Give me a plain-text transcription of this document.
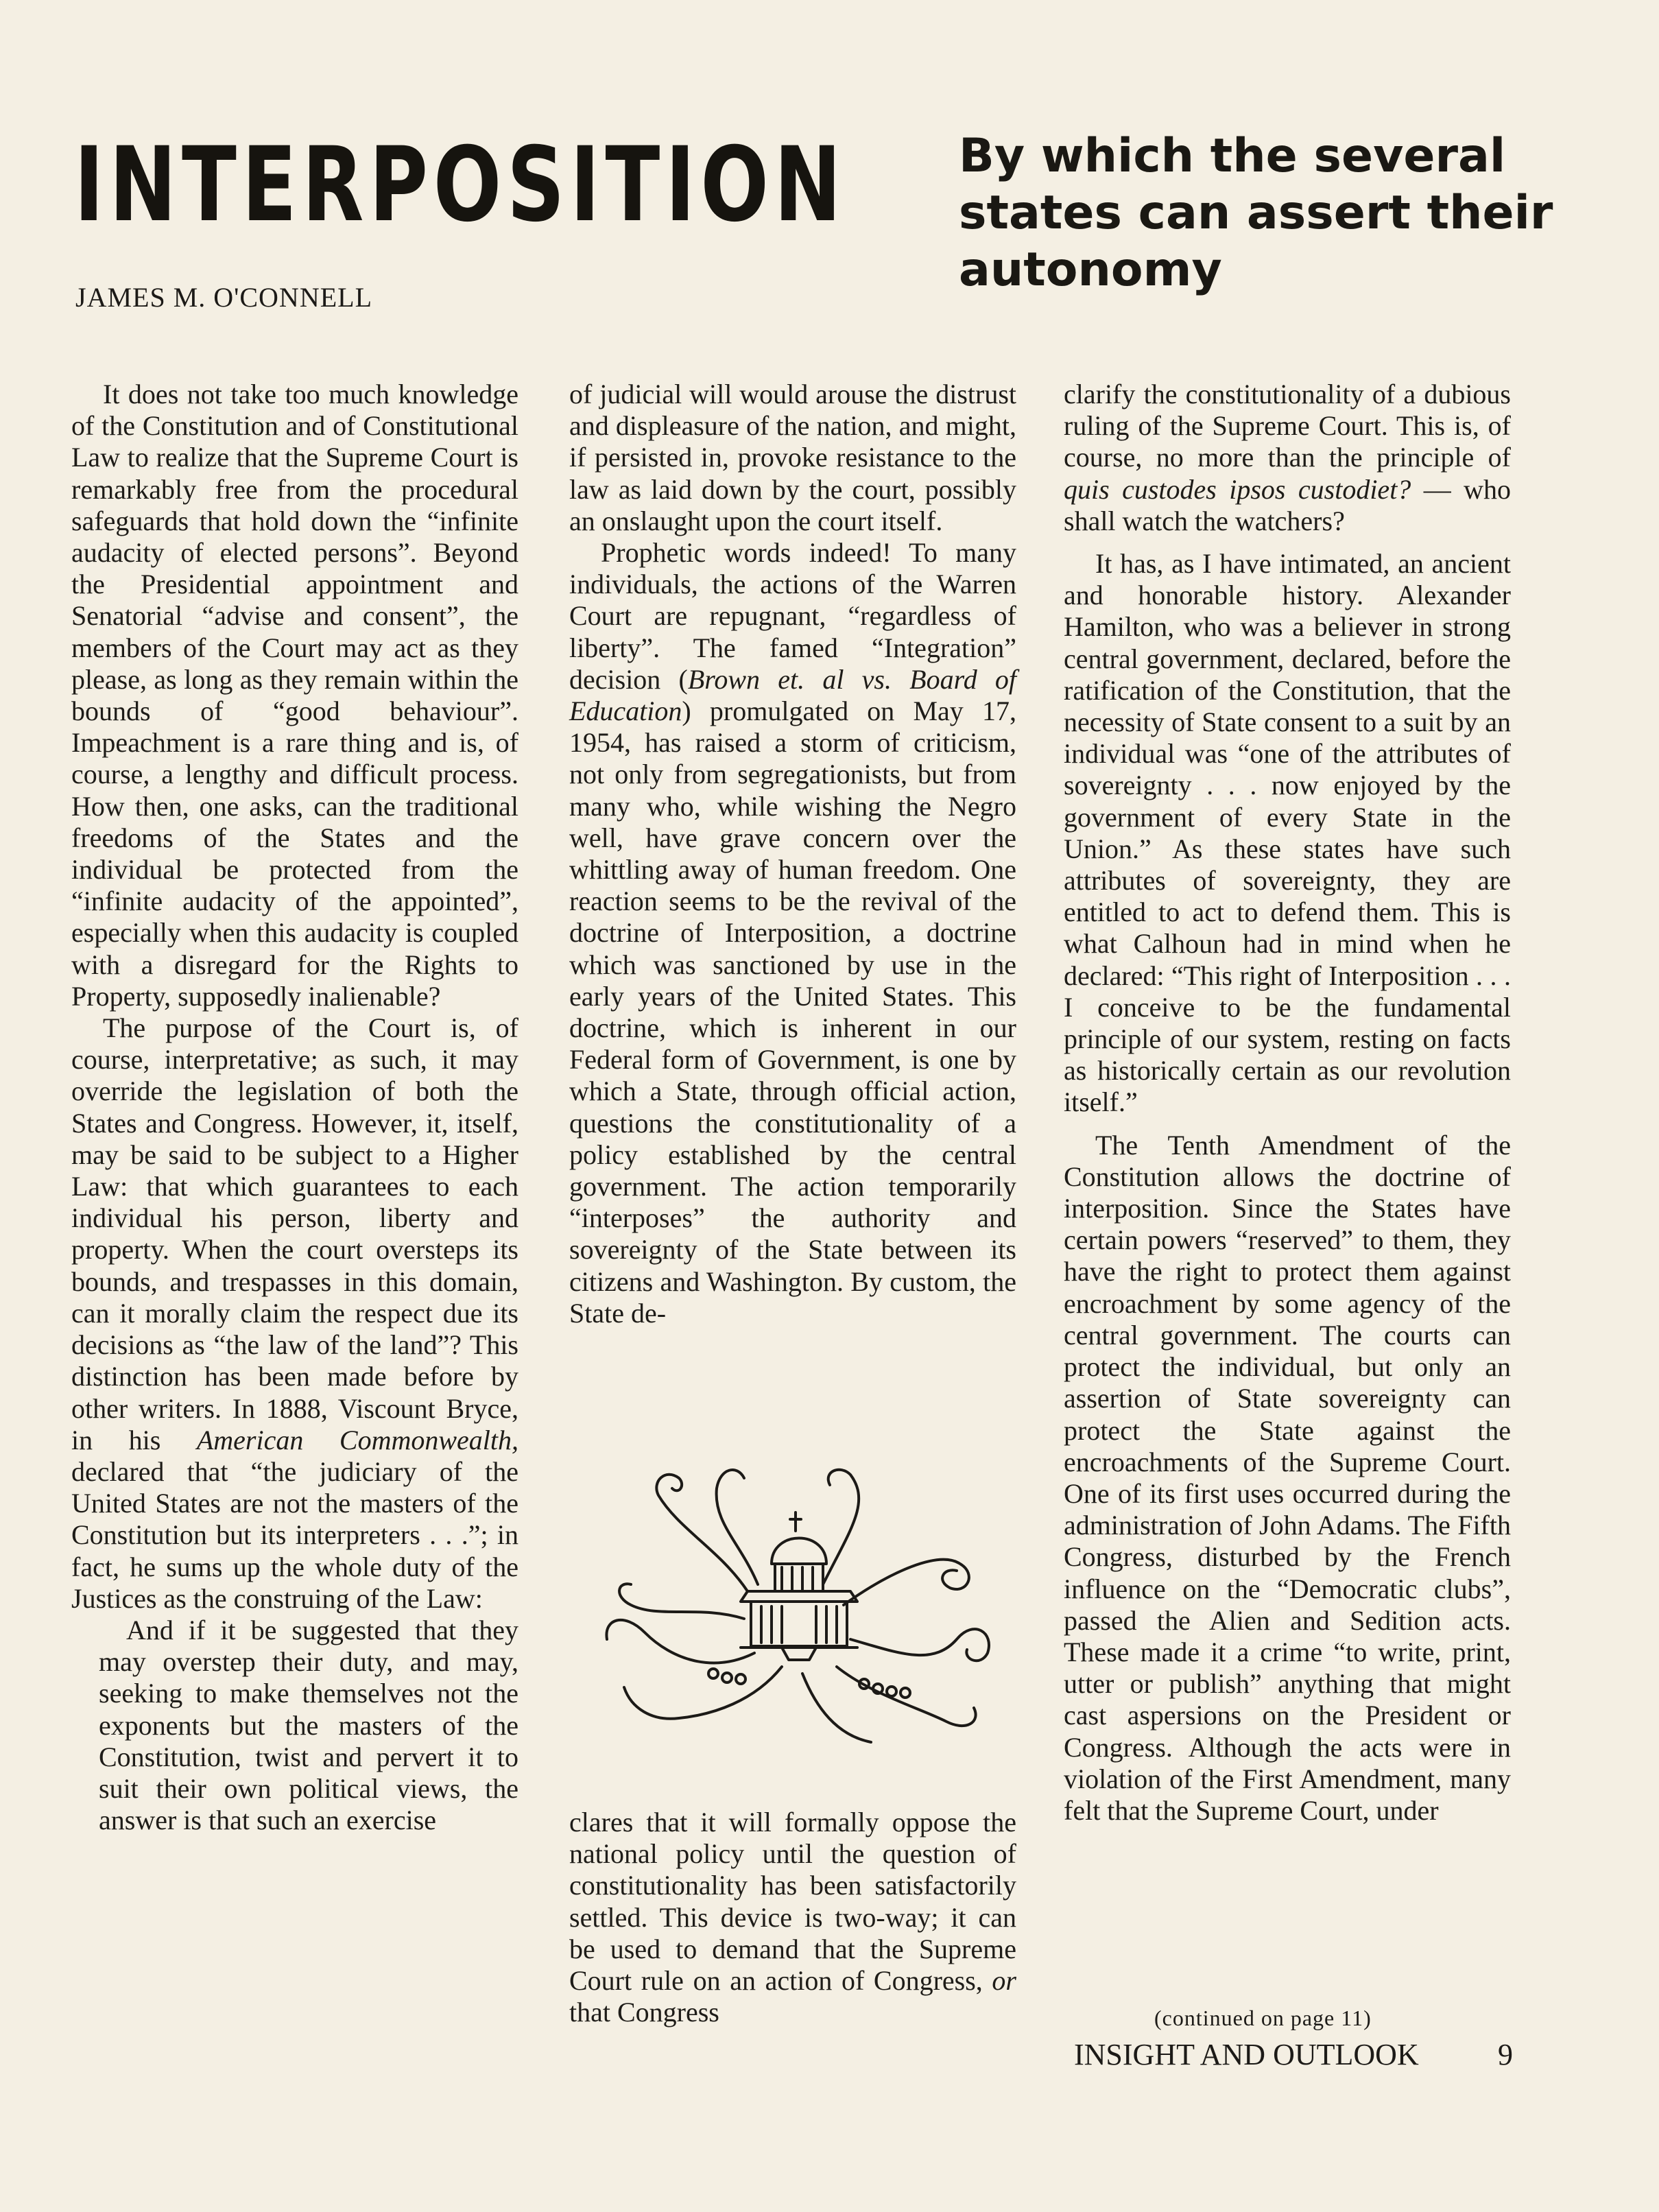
INTERPOSITION By which the several states can assert their autonomy
JAMES M. O'CONNELL

It does not take too much knowledge of the Constitution and of Constitutional Law to realize that the Supreme Court is remarkably free from the procedural safeguards that hold down the “infinite audacity of elected persons”. Beyond the Presidential appointment and Senatorial “advise and consent”, the members of the Court may act as they please, as long as they remain within the bounds of “good behaviour”. Impeachment is a rare thing and is, of course, a lengthy and difficult process. How then, one asks, can the traditional freedoms of the States and the individual be protected from the “infinite audacity of the appointed”, especially when this audacity is coupled with a disregard for the Rights to Property, supposedly inalienable?

The purpose of the Court is, of course, interpretative; as such, it may override the legislation of both the States and Congress. However, it, itself, may be said to be subject to a Higher Law: that which guarantees to each individual his person, liberty and property. When the court oversteps its bounds, and trespasses in this domain, can it morally claim the respect due its decisions as “the law of the land”? This distinction has been made before by other writers. In 1888, Viscount Bryce, in his American Commonwealth, declared that “the judiciary of the United States are not the masters of the Constitution but its interpreters . . .”; in fact, he sums up the whole duty of the Justices as the construing of the Law:

And if it be suggested that they may overstep their duty, and may, seeking to make themselves not the exponents but the masters of the Constitution, twist and pervert it to suit their own political views, the answer is that such an exercise

of judicial will would arouse the distrust and displeasure of the nation, and might, if persisted in, provoke resistance to the law as laid down by the court, possibly an onslaught upon the court itself.

Prophetic words indeed! To many individuals, the actions of the Warren Court are repugnant, “regardless of liberty”. The famed “Integration” decision (Brown et. al vs. Board of Education) promulgated on May 17, 1954, has raised a storm of criticism, not only from segregationists, but from many who, while wishing the Negro well, have grave concern over the whittling away of human freedom. One reaction seems to be the revival of the doctrine of Interposition, a doctrine which was sanctioned by use in the early years of the United States. This doctrine, which is inherent in our Federal form of Government, is one by which a State, through official action, questions the constitutionality of a policy established by the central government. The action temporarily “interposes” the authority and sovereignty of the State between its citizens and Washington. By custom, the State de-

clares that it will formally oppose the national policy until the question of constitutionality has been satisfactorily settled. This device is two-way; it can be used to demand that the Supreme Court rule on an action of Congress, or that Congress

clarify the constitutionality of a dubious ruling of the Supreme Court. This is, of course, no more than the principle of quis custodes ipsos custodiet? — who shall watch the watchers?

It has, as I have intimated, an ancient and honorable history. Alexander Hamilton, who was a believer in strong central government, declared, before the ratification of the Constitution, that the necessity of State consent to a suit by an individual was “one of the attributes of sovereignty . . . now enjoyed by the government of every State in the Union.” As these states have such attributes of sovereignty, they are entitled to act to defend them. This is what Calhoun had in mind when he declared: “This right of Interposition . . . I conceive to be the fundamental principle of our system, resting on facts as historically certain as our revolution itself.”

The Tenth Amendment of the Constitution allows the doctrine of interposition. Since the States have certain powers “reserved” to them, they have the right to protect them against encroachment by some agency of the central government. The courts can protect the individual, but only an assertion of State sovereignty can protect the State against the encroachments of the Supreme Court. One of its first uses occurred during the administration of John Adams. The Fifth Congress, disturbed by the French influence on the “Democratic clubs”, passed the Alien and Sedition acts. These made it a crime “to write, print, utter or publish” anything that might cast aspersions on the President or Congress. Although the acts were in violation of the First Amendment, many felt that the Supreme Court, under

(continued on page 11)
INSIGHT AND OUTLOOK	9
